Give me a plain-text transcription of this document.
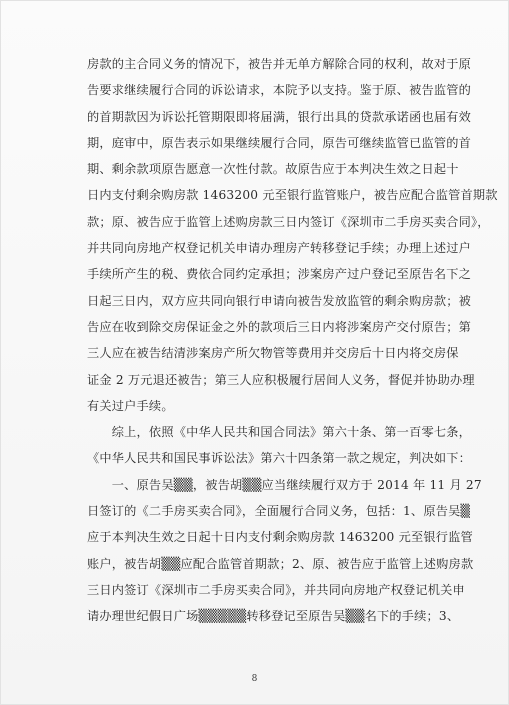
房款的主合同义务的情况下，被告并无单方解除合同的权利，故对于原
告要求继续履行合同的诉讼请求，本院予以支持。鉴于原、被告监管的
的首期款因为诉讼托管期限即将届满，银行出具的贷款承诺函也届有效
期，庭审中，原告表示如果继续履行合同，原告可继续监管已监管的首
期、剩余款项原告愿意一次性付款。故原告应于本判决生效之日起十
日内支付剩余购房款 1463200 元至银行监管账户，被告应配合监管首期款
款；原、被告应于监管上述购房款三日内签订《深圳市二手房买卖合同》，
并共同向房地产权登记机关申请办理房产转移登记手续；办理上述过户
手续所产生的税、费依合同约定承担；涉案房产过户登记至原告名下之
日起三日内，双方应共同向银行申请向被告发放监管的剩余购房款；被
告应在收到除交房保证金之外的款项后三日内将涉案房产交付原告；第
三人应在被告结清涉案房产所欠物管等费用并交房后十日内将交房保
证金 2 万元退还被告；第三人应积极履行居间人义务，督促并协助办理
有关过户手续。
　　综上，依照《中华人民共和国合同法》第六十条、第一百零七条，
《中华人民共和国民事诉讼法》第六十四条第一款之规定，判决如下：
　　一、原告吴▒▒，被告胡▒▒应当继续履行双方于 2014 年 11 月 27
日签订的《二手房买卖合同》，全面履行合同义务，包括：1、原告吴▒
应于本判决生效之日起十日内支付剩余购房款 1463200 元至银行监管
账户，被告胡▒▒应配合监管首期款；2、原、被告应于监管上述购房款
三日内签订《深圳市二手房买卖合同》，并共同向房地产权登记机关申
请办理世纪假日广场▒▒▒▒▒转移登记至原告吴▒▒名下的手续；3、
8
